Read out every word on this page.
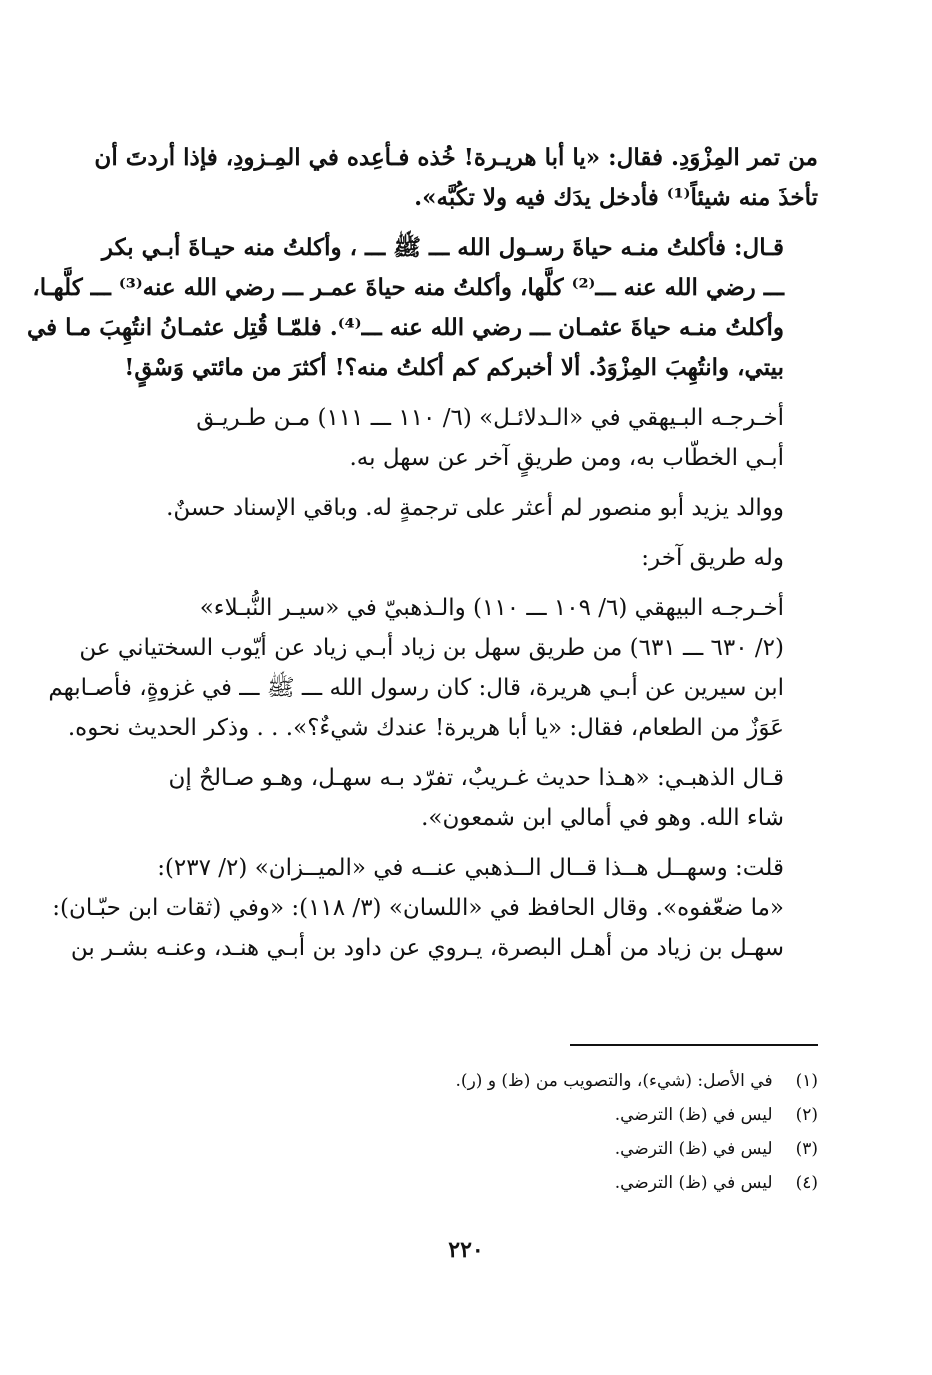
من تمر المِزْوَدِ. فقال: «يا أبا هريـرة! خُذه فـأعِده في المِـزودِ، فإذا أردتَ أن
تأخذَ منه شيئاً⁽¹⁾ فأدخل يدَك فيه ولا تكُبَّه».

قـال: فأكلتُ منـه حياةَ رسـول الله ـــ ﷺ ـــ ، وأكلتُ منه حيـاةَ أبـي بكر
ـــ رضي الله عنه ـــ⁽²⁾ كلَّها، وأكلتُ منه حياةَ عمـر ـــ رضي الله عنه⁽³⁾ ـــ كلَّهـا،
وأكلتُ منـه حياةَ عثمـان ـــ رضي الله عنه ـــ⁽⁴⁾. فلمّـا قُتِل عثمـانُ انتُهِبَ مـا في
بيتي، وانتُهِبَ المِزْوَدُ. ألا أخبركم كم أكلتُ منه؟! أكثرَ من مائتي وَسْقٍ!

أخـرجـه البـيهقي في «الـدلائـل» (٦/ ١١٠ ـــ ١١١) مـن طـريـق
أبـي الخطّاب به، ومن طريقٍ آخر عن سهل به.

ووالد يزيد أبو منصور لم أعثر على ترجمةٍ له. وباقي الإسناد حسنٌ.

وله طريق آخر:

أخـرجـه البيهقي (٦/ ١٠٩ ـــ ١١٠) والـذهبيّ في «سيـر النُّبـلاء»
(٢/ ٦٣٠ ـــ ٦٣١) من طريق سهل بن زياد أبـي زياد عن أيّوب السختياني عن
ابن سيرين عن أبـي هريرة، قال: كان رسول الله ـــ ﷺ ـــ في غزوةٍ، فأصـابهم
عَوَزٌ من الطعام، فقال: «يا أبا هريرة! عندك شيءٌ؟». . . وذكر الحديث نحوه.

قـال الذهبـي: «هـذا حديث غـريبٌ، تفرّد بـه سهـل، وهـو صـالحٌ إن
شاء الله. وهو في أمالي ابن شمعون».

قلت: وسهــل هــذا قــال الــذهبي عنــه في «الميــزان» (٢/ ٢٣٧):
«ما ضعّفوه». وقال الحافظ في «اللسان» (٣/ ١١٨): «وفي (ثقات ابن حبّـان):
سهـل بن زياد من أهـل البصرة، يـروي عن داود بن أبـي هنـد، وعنـه بشـر بن

(١) في الأصل: (شيء)، والتصويب من (ظ) و (ر).
(٢) ليس في (ظ) الترضي.
(٣) ليس في (ظ) الترضي.
(٤) ليس في (ظ) الترضي.
٢٢٠
